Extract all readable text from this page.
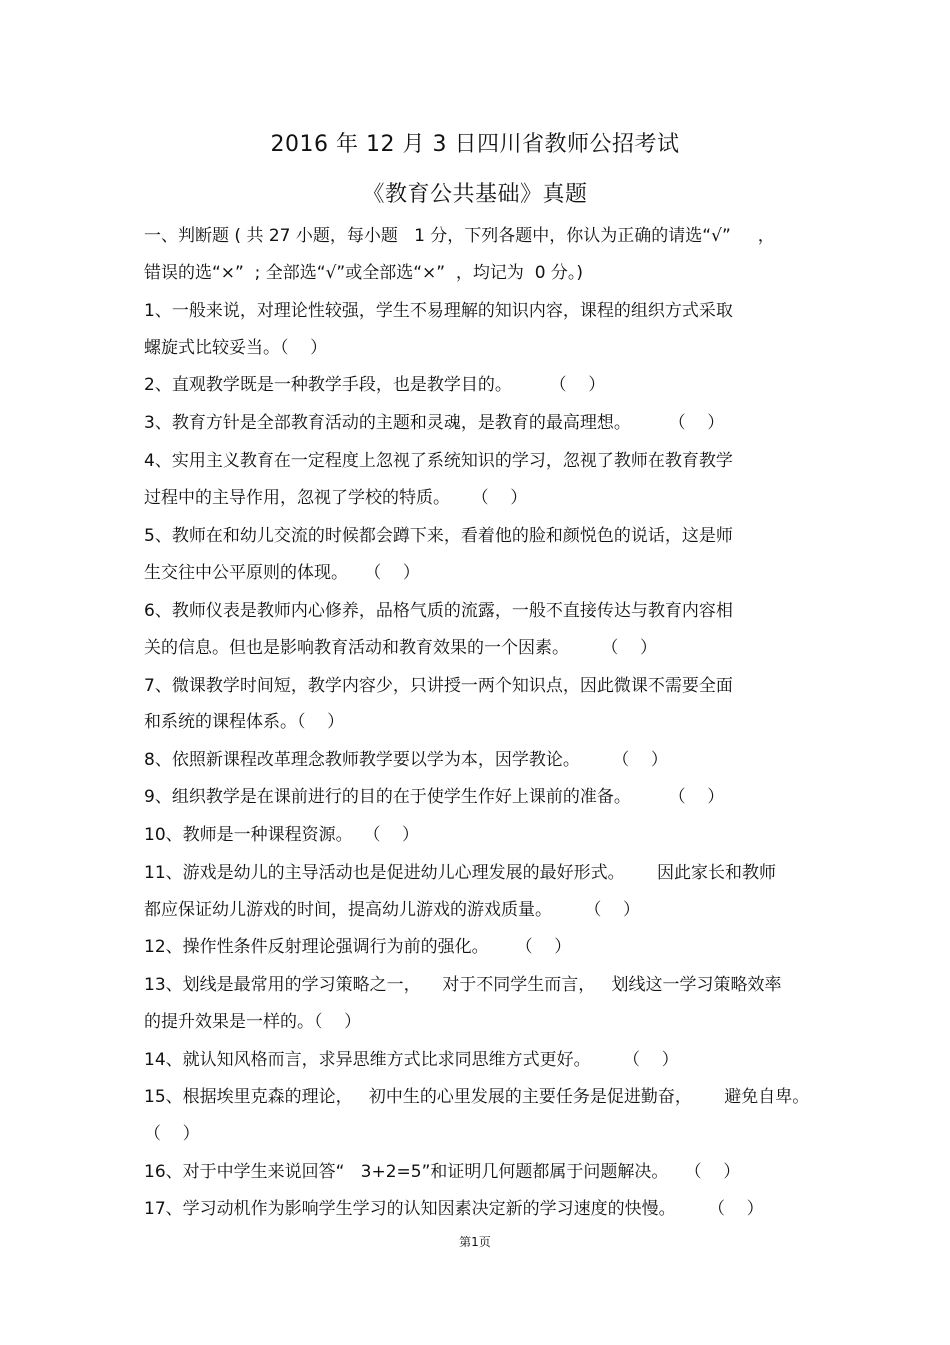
2016 年 12 月 3 日四川省教师公招考试
《教育公共基础》真题
一、判断题 ( 共 27 小题，每小题   1 分，下列各题中，你认为正确的请选“√”     ，
错误的选“×”  ; 全部选“√”或全部选“×”  ，均记为  0 分。)
1、一般来说，对理论性较强，学生不易理解的知识内容，课程的组织方式采取
螺旋式比较妥当。（    ）
2、直观教学既是一种教学手段，也是教学目的。       （    ）
3、教育方针是全部教育活动的主题和灵魂，是教育的最高理想。       （    ）
4、实用主义教育在一定程度上忽视了系统知识的学习，忽视了教师在教育教学
过程中的主导作用，忽视了学校的特质。    （    ）
5、教师在和幼儿交流的时候都会蹲下来，看着他的脸和颜悦色的说话，这是师
生交往中公平原则的体现。   （    ）
6、教师仪表是教师内心修养，品格气质的流露，一般不直接传达与教育内容相
关的信息。但也是影响教育活动和教育效果的一个因素。      （    ）
7、微课教学时间短，教学内容少，只讲授一两个知识点，因此微课不需要全面
和系统的课程体系。（    ）
8、依照新课程改革理念教师教学要以学为本，因学教论。      （    ）
9、组织教学是在课前进行的目的在于使学生作好上课前的准备。       （    ）
10、教师是一种课程资源。  （    ）
11、游戏是幼儿的主导活动也是促进幼儿心理发展的最好形式。      因此家长和教师
都应保证幼儿游戏的时间，提高幼儿游戏的游戏质量。      （    ）
12、操作性条件反射理论强调行为前的强化。     （    ）
13、划线是最常用的学习策略之一，    对于不同学生而言，   划线这一学习策略效率
的提升效果是一样的。（    ）
14、就认知风格而言，求异思维方式比求同思维方式更好。      （    ）
15、根据埃里克森的理论，   初中生的心里发展的主要任务是促进勤奋，      避免自卑。
（    ）
16、对于中学生来说回答“   3+2=5”和证明几何题都属于问题解决。   （    ）
17、学习动机作为影响学生学习的认知因素决定新的学习速度的快慢。      （    ）
第1页
